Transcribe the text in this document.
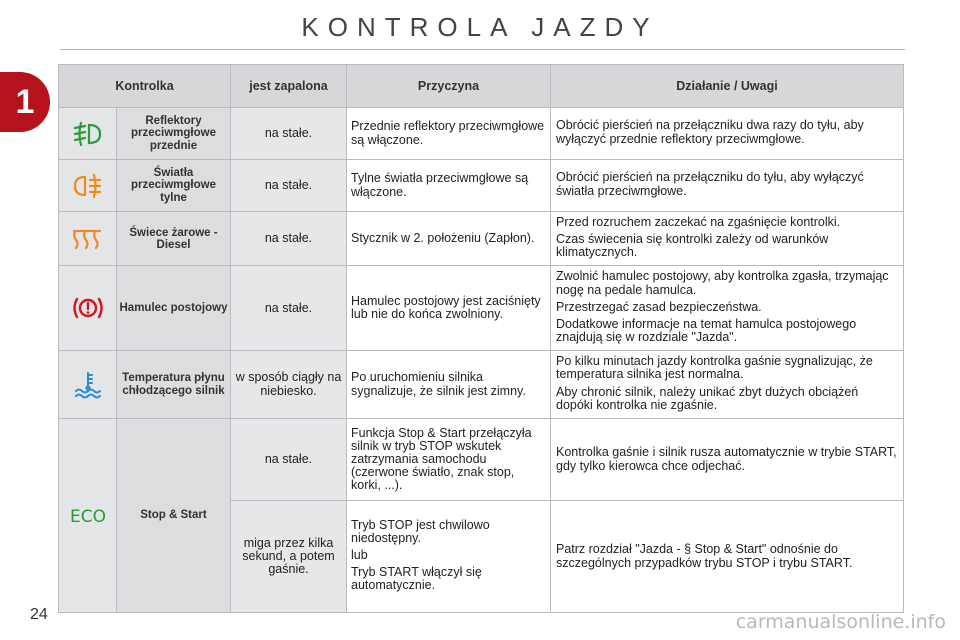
KONTROLA JAZDY
1	Kontrolka		jest zapalona	Przyczyna	Działanie / Uwagi
	Reflektory przeciwmgłowe przednie	na stałe.	Przednie reflektory przeciwmgłowe są włączone.	Obrócić pierścień na przełączniku dwa razy do tyłu, aby wyłączyć przednie reflektory przeciwmgłowe.

	Światła przeciwmgłowe tylne	na stałe.	Tylne światła przeciwmgłowe są włączone.	Obrócić pierścień na przełączniku do tyłu, aby wyłączyć światła przeciwmgłowe.

	Świece żarowe - Diesel	na stałe.	Stycznik w 2. położeniu (Zapłon).	Przed rozruchem zaczekać na zgaśnięcie kontrolki.

Czas świecenia się kontrolki zależy od warunków klimatycznych.

	Hamulec postojowy	na stałe.	Hamulec postojowy jest zaciśnięty lub nie do końca zwolniony.	Zwolnić hamulec postojowy, aby kontrolka zgasła, trzymając nogę na pedale hamulca.

Przestrzegać zasad bezpieczeństwa.

Dodatkowe informacje na temat hamulca postojowego znajdują się w rozdziale "Jazda".

	Temperatura płynu chłodzącego silnik	w sposób ciągły na niebiesko.	Po uruchomieniu silnika sygnalizuje, że silnik jest zimny.	Po kilku minutach jazdy kontrolka gaśnie sygnalizując, że temperatura silnika jest normalna.

Aby chronić silnik, należy unikać zbyt dużych obciążeń dopóki kontrolka nie zgaśnie.

ECO	Stop & Start	na stałe.	Funkcja Stop & Start przełączyła silnik w tryb STOP wskutek zatrzymania samochodu (czerwone światło, znak stop, korki, ...).	Kontrolka gaśnie i silnik rusza automatycznie w trybie START, gdy tylko kierowca chce odjechać.
		miga przez kilka sekund, a potem gaśnie.	Tryb STOP jest chwilowo niedostępny.

lub

Tryb START włączył się automatycznie.	Patrz rozdział "Jazda - § Stop & Start" odnośnie do szczególnych przypadków trybu STOP i trybu START.
24	carmanualsonline.info
